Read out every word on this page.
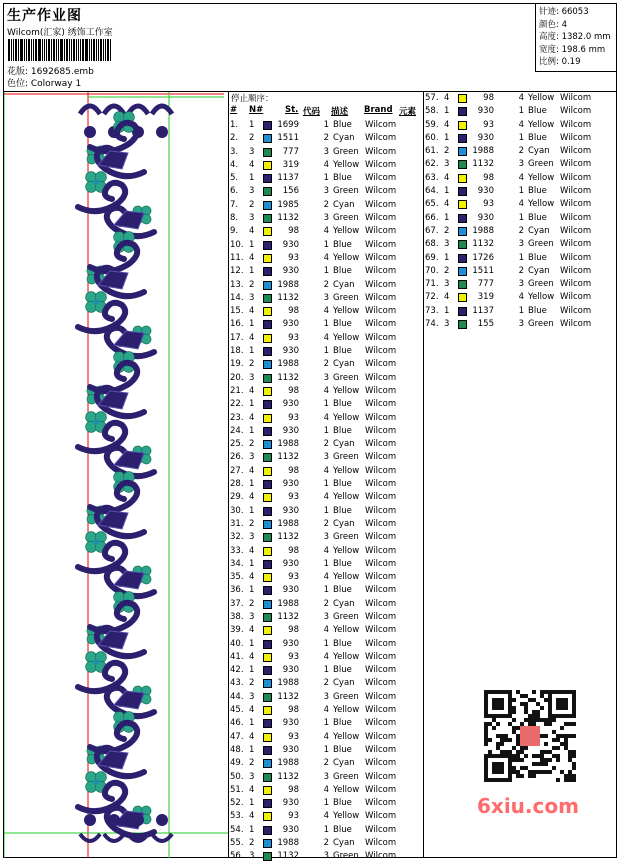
生产作业图
Wilcom(汇家) 绣饰工作室
花版: 1692685.emb
色位: Colorway 1
针迹: 66053
颜色: 4
高度: 1382.0 mm
宽度: 198.6 mm
比例: 0.19
停止顺序：
# N#	St. 代码 描述 Brand 元素
1. 1	1699	1 Blue Wilcom
2. 2	1511	2 Cyan Wilcom
3. 3	777	3 Green Wilcom
4. 4	319	4 Yellow Wilcom
5. 1	1137	1 Blue Wilcom
6. 3	156	3 Green Wilcom
7. 2	1985	2 Cyan Wilcom
8. 3	1132	3 Green Wilcom
9. 4	98	4 Yellow Wilcom
10. 1	930	1 Blue Wilcom
11. 4	93	4 Yellow Wilcom
12. 1	930	1 Blue Wilcom
13. 2	1988	2 Cyan Wilcom
14. 3	1132	3 Green Wilcom
15. 4	98	4 Yellow Wilcom
16. 1	930	1 Blue Wilcom
17. 4	93	4 Yellow Wilcom
18. 1	930	1 Blue Wilcom
19. 2	1988	2 Cyan Wilcom
20. 3	1132	3 Green Wilcom
21. 4	98	4 Yellow Wilcom
22. 1	930	1 Blue Wilcom
23. 4	93	4 Yellow Wilcom
24. 1	930	1 Blue Wilcom
25. 2	1988	2 Cyan Wilcom
26. 3	1132	3 Green Wilcom
27. 4	98	4 Yellow Wilcom
28. 1	930	1 Blue Wilcom
29. 4	93	4 Yellow Wilcom
30. 1	930	1 Blue Wilcom
31. 2	1988	2 Cyan Wilcom
32. 3	1132	3 Green Wilcom
33. 4	98	4 Yellow Wilcom
34. 1	930	1 Blue Wilcom
35. 4	93	4 Yellow Wilcom
36. 1	930	1 Blue Wilcom
37. 2	1988	2 Cyan Wilcom
38. 3	1132	3 Green Wilcom
39. 4	98	4 Yellow Wilcom
40. 1	930	1 Blue Wilcom
41. 4	93	4 Yellow Wilcom
42. 1	930	1 Blue Wilcom
43. 2	1988	2 Cyan Wilcom
44. 3	1132	3 Green Wilcom
45. 4	98	4 Yellow Wilcom
46. 1	930	1 Blue Wilcom
47. 4	93	4 Yellow Wilcom
48. 1	930	1 Blue Wilcom
49. 2	1988	2 Cyan Wilcom
50. 3	1132	3 Green Wilcom
51. 4	98	4 Yellow Wilcom
52. 1	930	1 Blue Wilcom
53. 4	93	4 Yellow Wilcom
54. 1	930	1 Blue Wilcom
55. 2	1988	2 Cyan Wilcom
56. 3	1132	3 Green Wilcom
57. 4	98	4 Yellow Wilcom
58. 1	930	1 Blue Wilcom
59. 4	93	4 Yellow Wilcom
60. 1	930	1 Blue Wilcom
61. 2	1988	2 Cyan Wilcom
62. 3	1132	3 Green Wilcom
63. 4	98	4 Yellow Wilcom
64. 1	930	1 Blue Wilcom
65. 4	93	4 Yellow Wilcom
66. 1	930	1 Blue Wilcom
67. 2	1988	2 Cyan Wilcom
68. 3	1132	3 Green Wilcom
69. 1	1726	1 Blue Wilcom
70. 2	1511	2 Cyan Wilcom
71. 3	777	3 Green Wilcom
72. 4	319	4 Yellow Wilcom
73. 1	1137	1 Blue Wilcom
74. 3	155	3 Green Wilcom
6xiu.com
